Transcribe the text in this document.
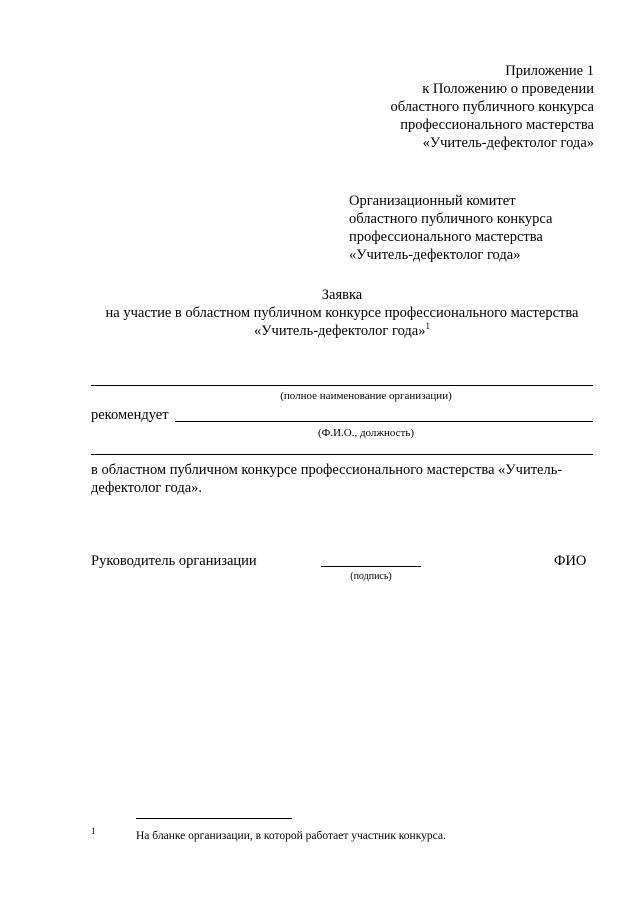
Приложение 1
к Положению о проведении
областного публичного конкурса
профессионального мастерства
«Учитель-дефектолог года»
Организационный комитет
областного публичного конкурса
профессионального мастерства
«Учитель-дефектолог года»
Заявка
на участие в областном публичном конкурсе профессионального мастерства
«Учитель-дефектолог года»$^1$
(полное наименование организации)
рекомендует
(Ф.И.О., должность)
в областном публичном конкурсе профессионального мастерства «Учитель-
дефектолог года».
Руководитель организации
(подпись)
ФИО
1	На бланке организации, в которой работает участник конкурса.
